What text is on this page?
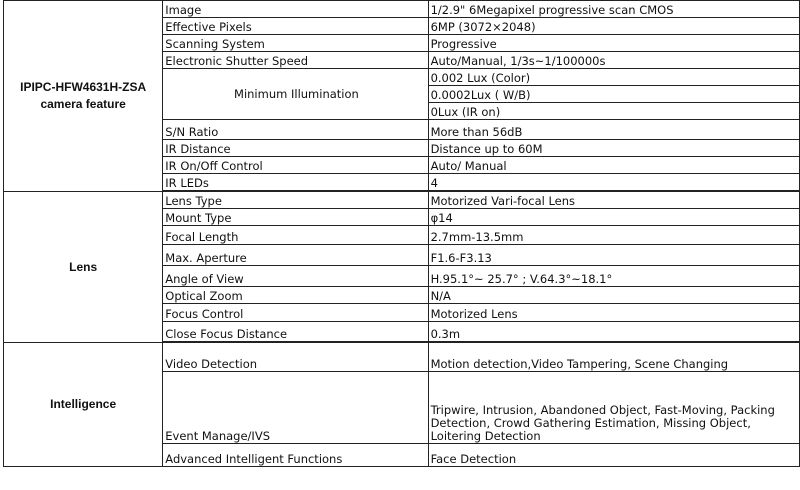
IPIPC-HFW4631H-ZSA
camera feature	Image	1/2.9" 6Megapixel progressive scan CMOS
	Effective Pixels	6MP (3072×2048)
	Scanning System	Progressive
	Electronic Shutter Speed	Auto/Manual, 1/3s~1/100000s
	Minimum Illumination	0.002 Lux (Color)
		0.0002Lux ( W/B)
		0Lux (IR on)
	S/N Ratio	More than 56dB
	IR Distance	Distance up to 60M
	IR On/Off Control	Auto/ Manual
	IR LEDs	4

Lens	Lens Type	Motorized Vari-focal Lens
	Mount Type	φ14
	Focal Length	2.7mm-13.5mm
	Max. Aperture	F1.6-F3.13
	Angle of View	H.95.1°~ 25.7° ; V.64.3°~18.1°
	Optical Zoom	N/A
	Focus Control	Motorized Lens
	Close Focus Distance	0.3m

Intelligence	Video Detection	Motion detection,Video Tampering, Scene Changing
	Event Manage/IVS	Tripwire, Intrusion, Abandoned Object, Fast-Moving, Packing Detection, Crowd Gathering Estimation, Missing Object,
Loitering Detection

	Advanced Intelligent Functions	Face Detection
